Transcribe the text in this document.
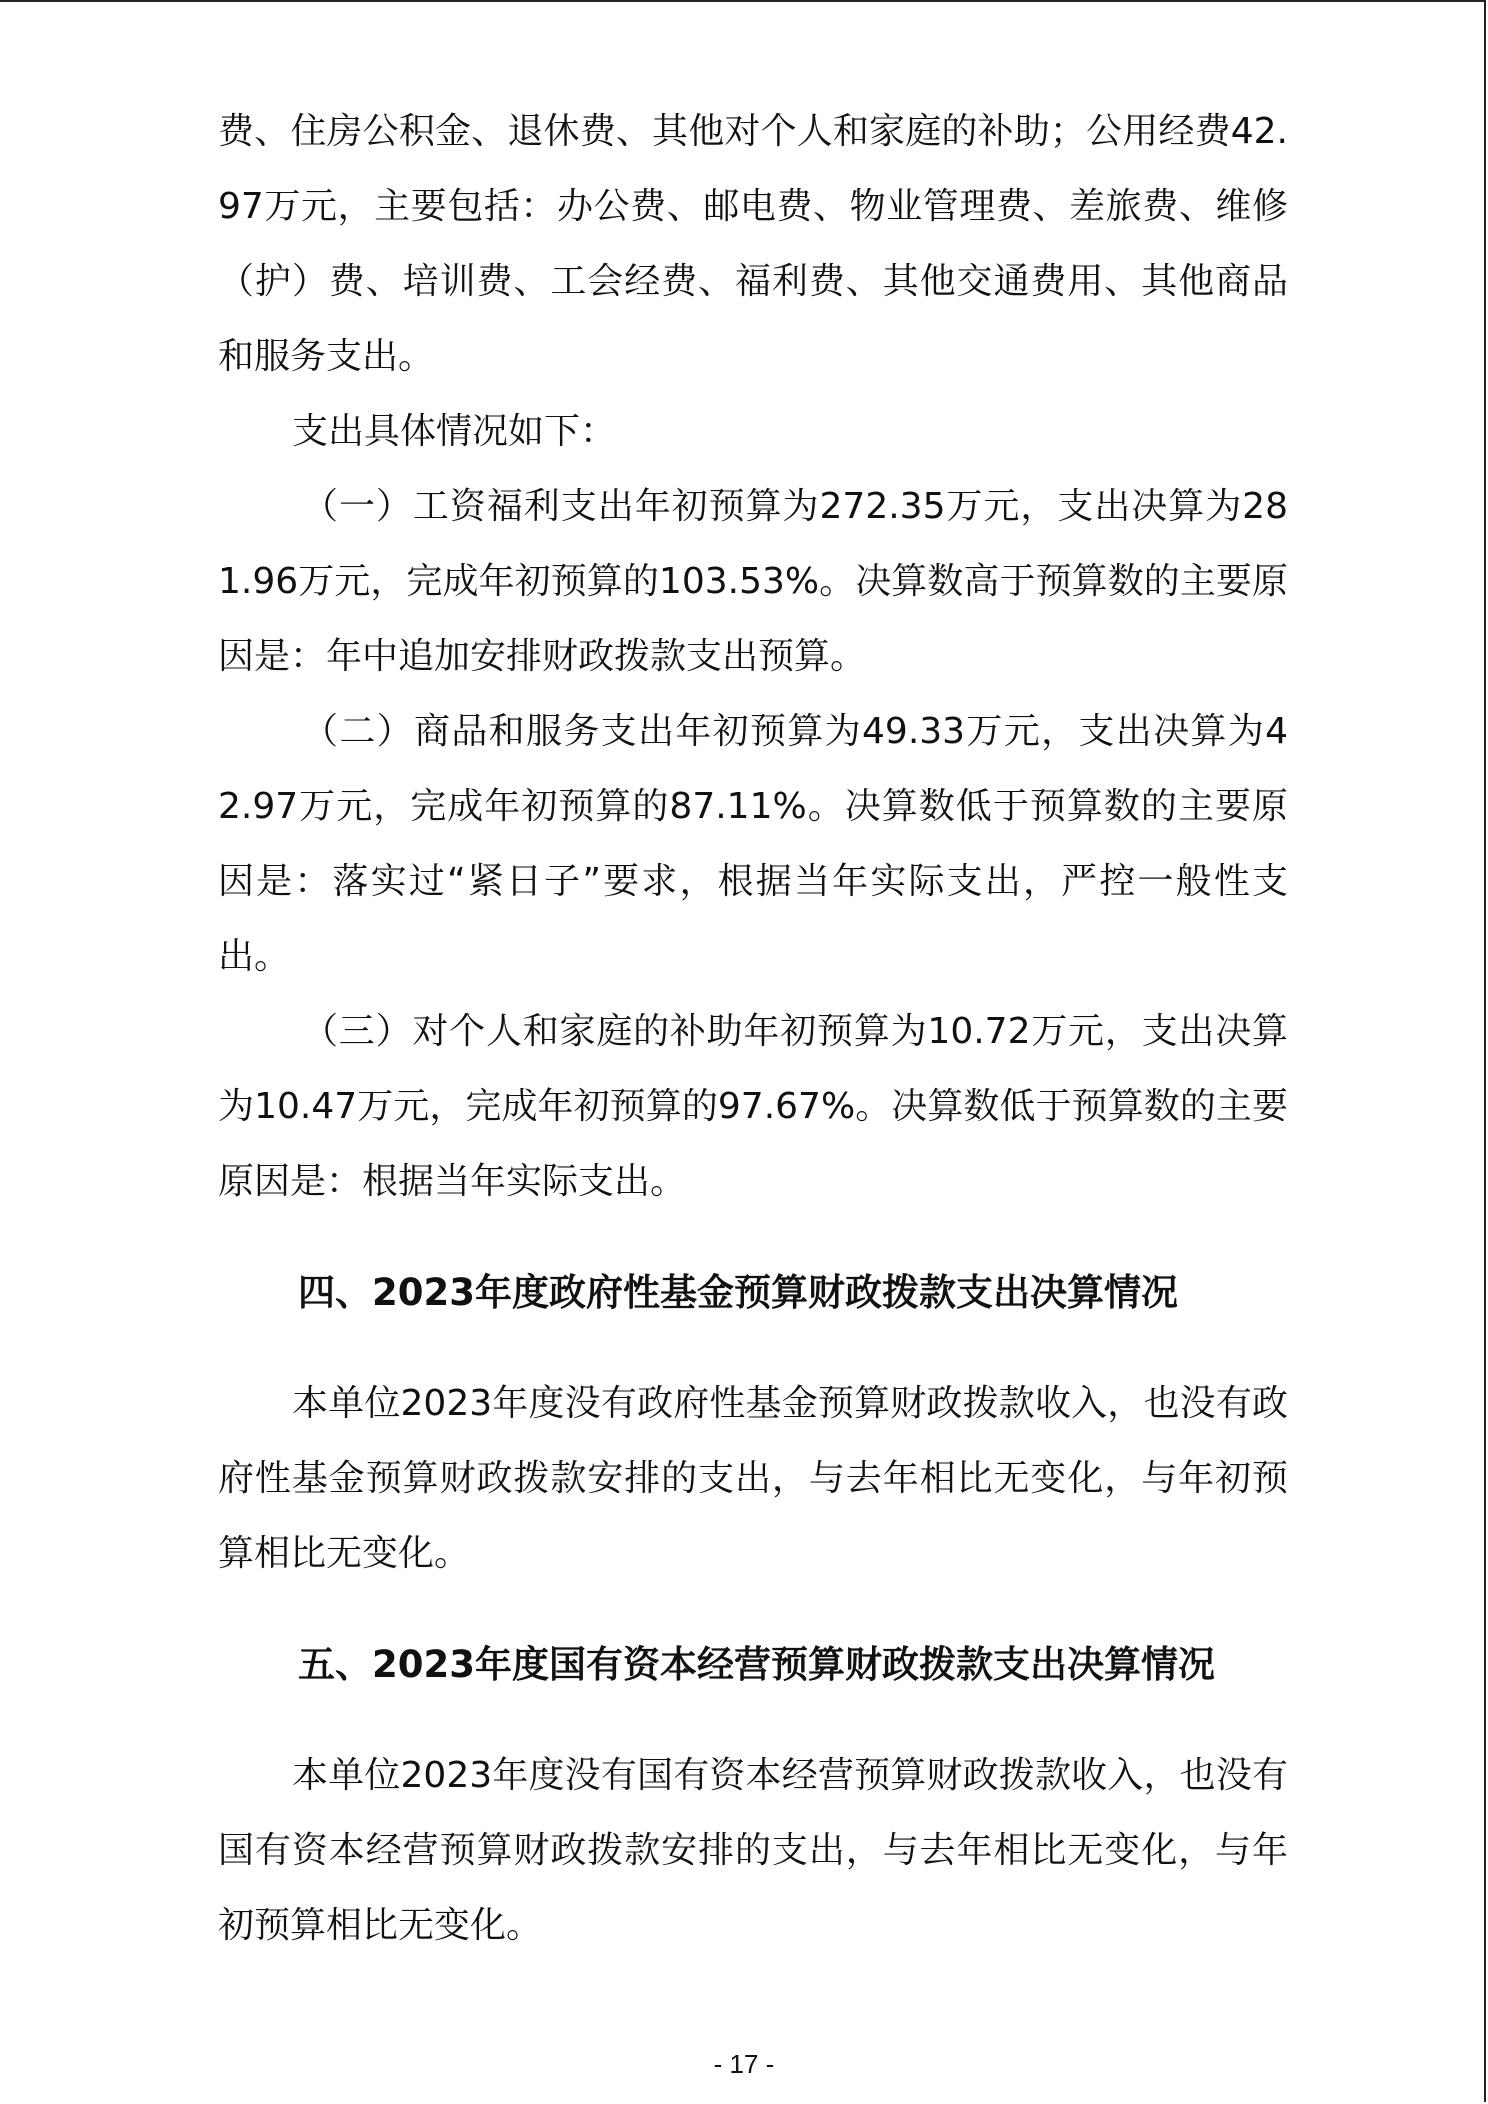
费、住房公积金、退休费、其他对个人和家庭的补助；公用经费42.97万元，主要包括：办公费、邮电费、物业管理费、差旅费、维修（护）费、培训费、工会经费、福利费、其他交通费用、其他商品和服务支出。

支出具体情况如下：

（一）工资福利支出年初预算为272.35万元，支出决算为281.96万元，完成年初预算的103.53%。决算数高于预算数的主要原因是：年中追加安排财政拨款支出预算。

（二）商品和服务支出年初预算为49.33万元，支出决算为42.97万元，完成年初预算的87.11%。决算数低于预算数的主要原因是：落实过“紧日子”要求，根据当年实际支出，严控一般性支出。

（三）对个人和家庭的补助年初预算为10.72万元，支出决算为10.47万元，完成年初预算的97.67%。决算数低于预算数的主要原因是：根据当年实际支出。

四、2023年度政府性基金预算财政拨款支出决算情况

本单位2023年度没有政府性基金预算财政拨款收入，也没有政府性基金预算财政拨款安排的支出，与去年相比无变化，与年初预算相比无变化。

五、2023年度国有资本经营预算财政拨款支出决算情况

本单位2023年度没有国有资本经营预算财政拨款收入，也没有国有资本经营预算财政拨款安排的支出，与去年相比无变化，与年初预算相比无变化。

- 17 -
